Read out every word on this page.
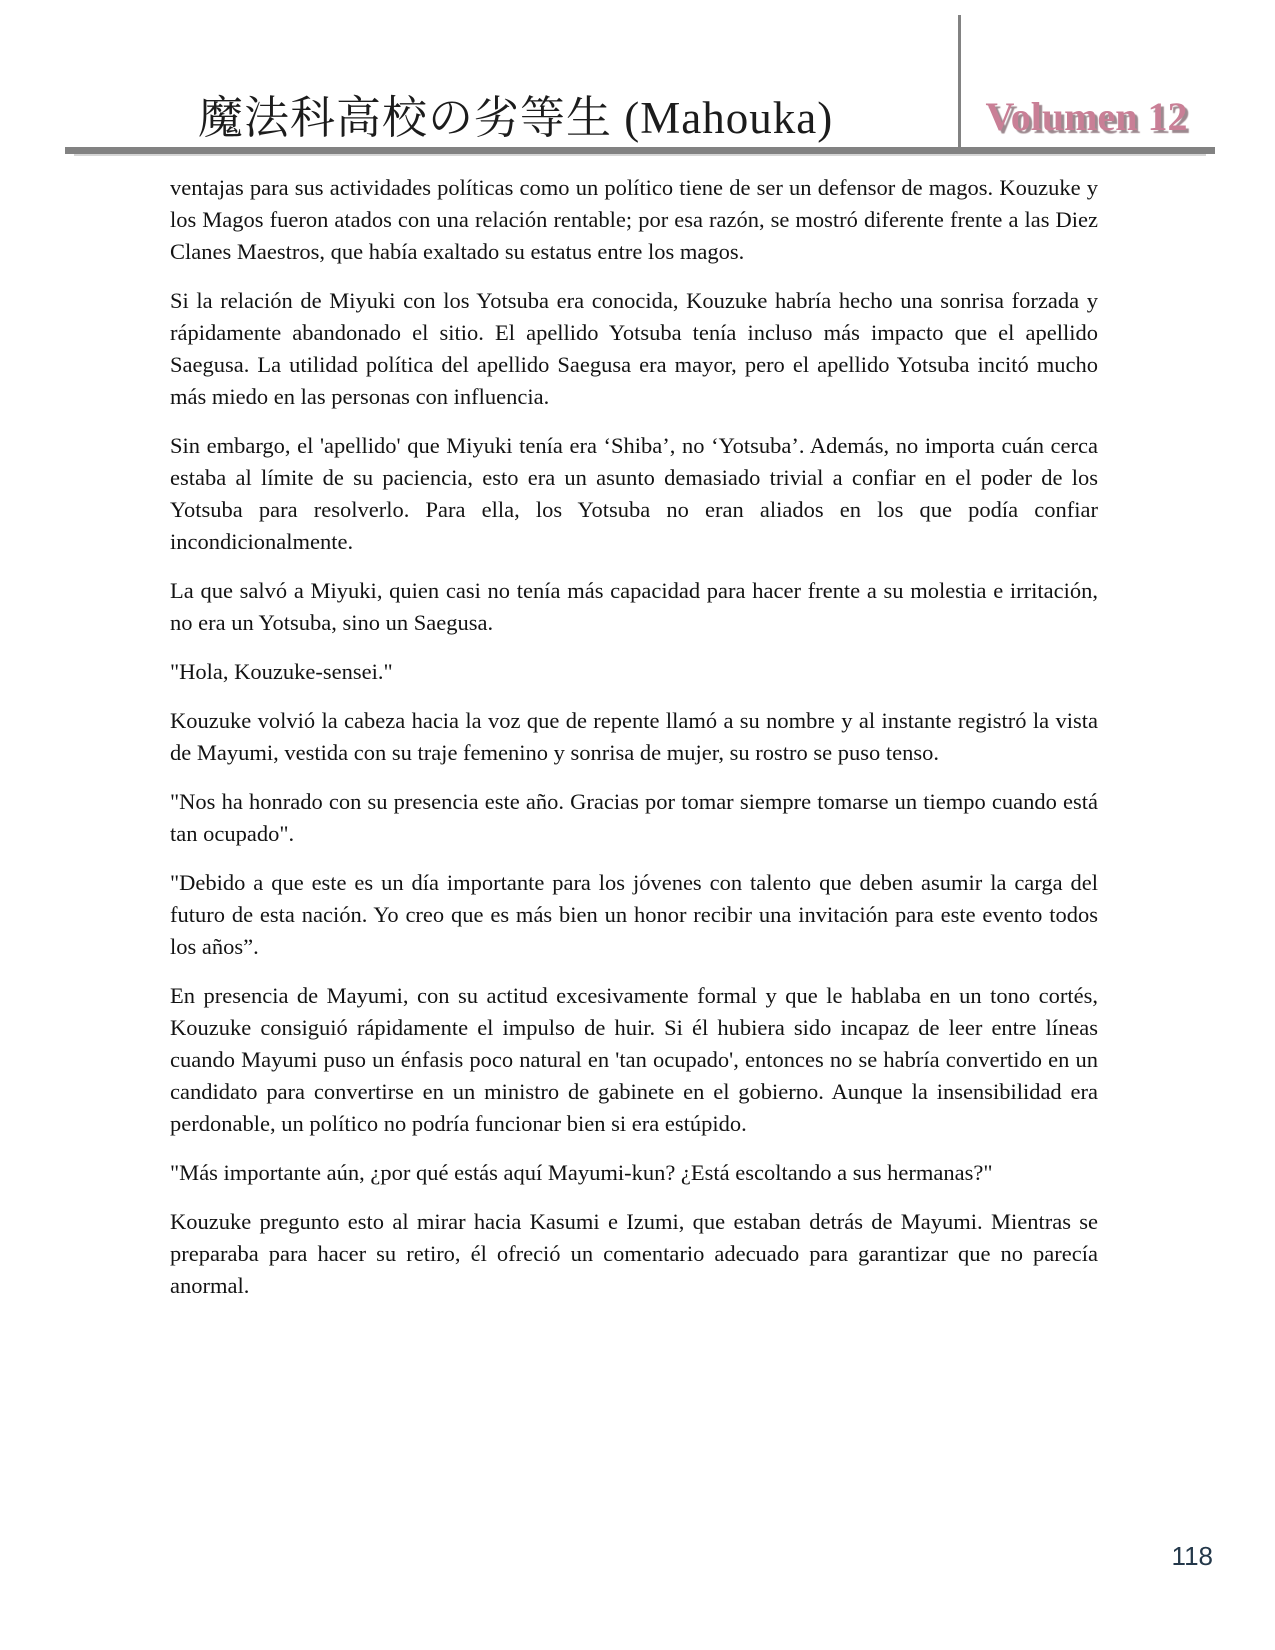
魔法科高校の劣等生 (Mahouka)	Volumen 12

ventajas para sus actividades políticas como un político tiene de ser un defensor de magos. Kouzuke y los Magos fueron atados con una relación rentable; por esa razón, se mostró diferente frente a las Diez Clanes Maestros, que había exaltado su estatus entre los magos.

Si la relación de Miyuki con los Yotsuba era conocida, Kouzuke habría hecho una sonrisa forzada y rápidamente abandonado el sitio. El apellido Yotsuba tenía incluso más impacto que el apellido Saegusa. La utilidad política del apellido Saegusa era mayor, pero el apellido Yotsuba incitó mucho más miedo en las personas con influencia.

Sin embargo, el 'apellido' que Miyuki tenía era ‘Shiba’, no ‘Yotsuba’. Además, no importa cuán cerca estaba al límite de su paciencia, esto era un asunto demasiado trivial a confiar en el poder de los Yotsuba para resolverlo. Para ella, los Yotsuba no eran aliados en los que podía confiar incondicionalmente.

La que salvó a Miyuki, quien casi no tenía más capacidad para hacer frente a su molestia e irritación, no era un Yotsuba, sino un Saegusa.

"Hola, Kouzuke-sensei."

Kouzuke volvió la cabeza hacia la voz que de repente llamó a su nombre y al instante registró la vista de Mayumi, vestida con su traje femenino y sonrisa de mujer, su rostro se puso tenso.

"Nos ha honrado con su presencia este año. Gracias por tomar siempre tomarse un tiempo cuando está tan ocupado".

"Debido a que este es un día importante para los jóvenes con talento que deben asumir la carga del futuro de esta nación. Yo creo que es más bien un honor recibir una invitación para este evento todos los años”.

En presencia de Mayumi, con su actitud excesivamente formal y que le hablaba en un tono cortés, Kouzuke consiguió rápidamente el impulso de huir. Si él hubiera sido incapaz de leer entre líneas cuando Mayumi puso un énfasis poco natural en 'tan ocupado', entonces no se habría convertido en un candidato para convertirse en un ministro de gabinete en el gobierno. Aunque la insensibilidad era perdonable, un político no podría funcionar bien si era estúpido.

"Más importante aún, ¿por qué estás aquí Mayumi-kun? ¿Está escoltando a sus hermanas?"

Kouzuke pregunto esto al mirar hacia Kasumi e Izumi, que estaban detrás de Mayumi. Mientras se preparaba para hacer su retiro, él ofreció un comentario adecuado para garantizar que no parecía anormal.

118
